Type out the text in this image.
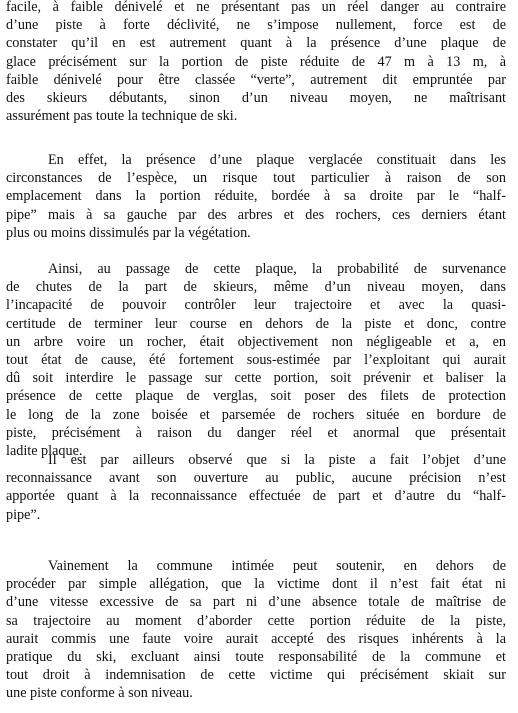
facile, à faible dénivelé et ne présentant pas un réel danger au contraire
d’une piste à forte déclivité, ne s’impose nullement, force est de
constater qu’il en est autrement quant à la présence d’une plaque de
glace précisément sur la portion de piste réduite de 47 m à 13 m, à
faible dénivelé pour être classée “verte”, autrement dit empruntée par
des skieurs débutants, sinon d’un niveau moyen, ne maîtrisant
assurément pas toute la technique de ski.
En effet, la présence d’une plaque verglacée constituait dans les
circonstances de l’espèce, un risque tout particulier à raison de son
emplacement dans la portion réduite, bordée à sa droite par le “half-
pipe” mais à sa gauche par des arbres et des rochers, ces derniers étant
plus ou moins dissimulés par la végétation.
Ainsi, au passage de cette plaque, la probabilité de survenance
de chutes de la part de skieurs, même d’un niveau moyen, dans
l’incapacité de pouvoir contrôler leur trajectoire et avec la quasi-
certitude de terminer leur course en dehors de la piste et donc, contre
un arbre voire un rocher, était objectivement non négligeable et a, en
tout état de cause, été fortement sous-estimée par l’exploitant qui aurait
dû soit interdire le passage sur cette portion, soit prévenir et baliser la
présence de cette plaque de verglas, soit poser des filets de protection
le long de la zone boisée et parsemée de rochers située en bordure de
piste, précisément à raison du danger réel et anormal que présentait
ladite plaque.
Il est par ailleurs observé que si la piste a fait l’objet d’une
reconnaissance avant son ouverture au public, aucune précision n’est
apportée quant à la reconnaissance effectuée de part et d’autre du “half-
pipe”.
Vainement la commune intimée peut soutenir, en dehors de
procéder par simple allégation, que la victime dont il n’est fait état ni
d’une vitesse excessive de sa part ni d’une absence totale de maîtrise de
sa trajectoire au moment d’aborder cette portion réduite de la piste,
aurait commis une faute voire aurait accepté des risques inhérents à la
pratique du ski, excluant ainsi toute responsabilité de la commune et
tout droit à indemnisation de cette victime qui précisément skiait sur
une piste conforme à son niveau.
